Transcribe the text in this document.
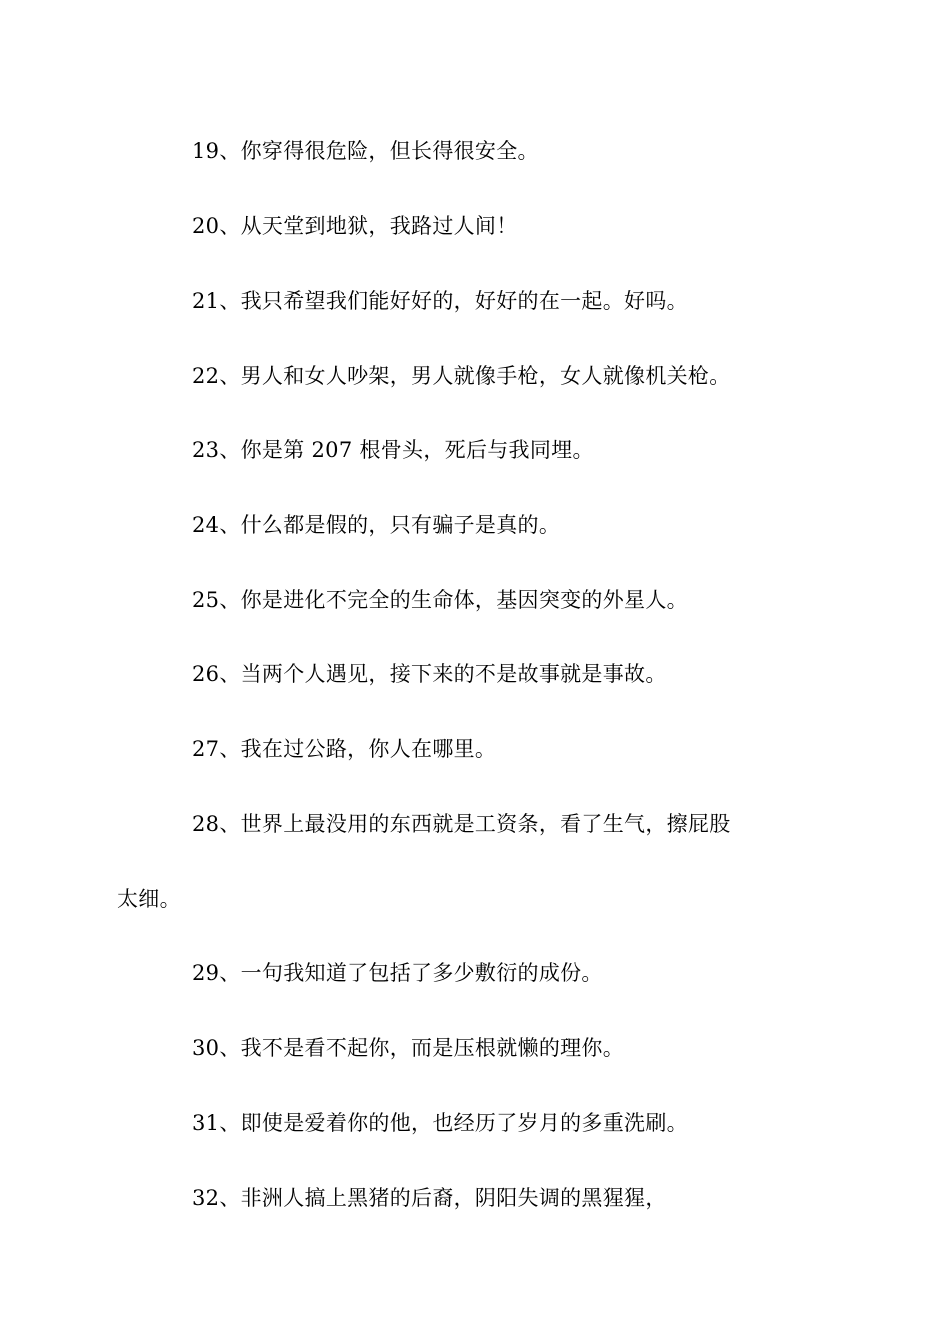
19、你穿得很危险，但长得很安全。
20、从天堂到地狱，我路过人间！
21、我只希望我们能好好的，好好的在一起。好吗。
22、男人和女人吵架，男人就像手枪，女人就像机关枪。
23、你是第 207 根骨头，死后与我同埋。
24、什么都是假的，只有骗子是真的。
25、你是进化不完全的生命体，基因突变的外星人。
26、当两个人遇见，接下来的不是故事就是事故。
27、我在过公路，你人在哪里。
28、世界上最没用的东西就是工资条，看了生气，擦屁股
太细。
29、一句我知道了包括了多少敷衍的成份。
30、我不是看不起你，而是压根就懒的理你。
31、即使是爱着你的他，也经历了岁月的多重洗刷。
32、非洲人搞上黑猪的后裔，阴阳失调的黑猩猩，
